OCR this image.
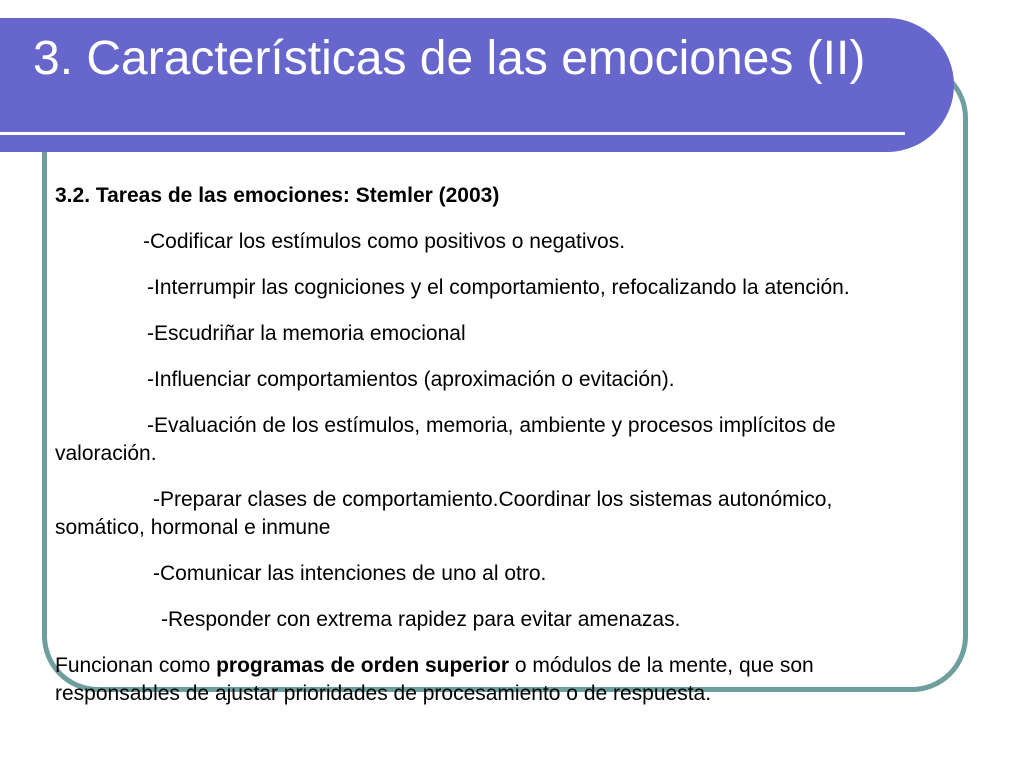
3. Características de las emociones (II)

3.2. Tareas de las emociones: Stemler (2003)

-Codificar los estímulos como positivos o negativos.

-Interrumpir las cogniciones y el comportamiento, refocalizando la atención.

-Escudriñar la memoria emocional

-Influenciar comportamientos (aproximación o evitación).

-Evaluación de los estímulos, memoria, ambiente y procesos implícitos de valoración.

-Preparar clases de comportamiento.Coordinar los sistemas autonómico, somático, hormonal e inmune

-Comunicar las intenciones de uno al otro.

-Responder con extrema rapidez para evitar amenazas.

Funcionan como programas de orden superior o módulos de la mente, que son responsables de ajustar prioridades de procesamiento o de respuesta.
